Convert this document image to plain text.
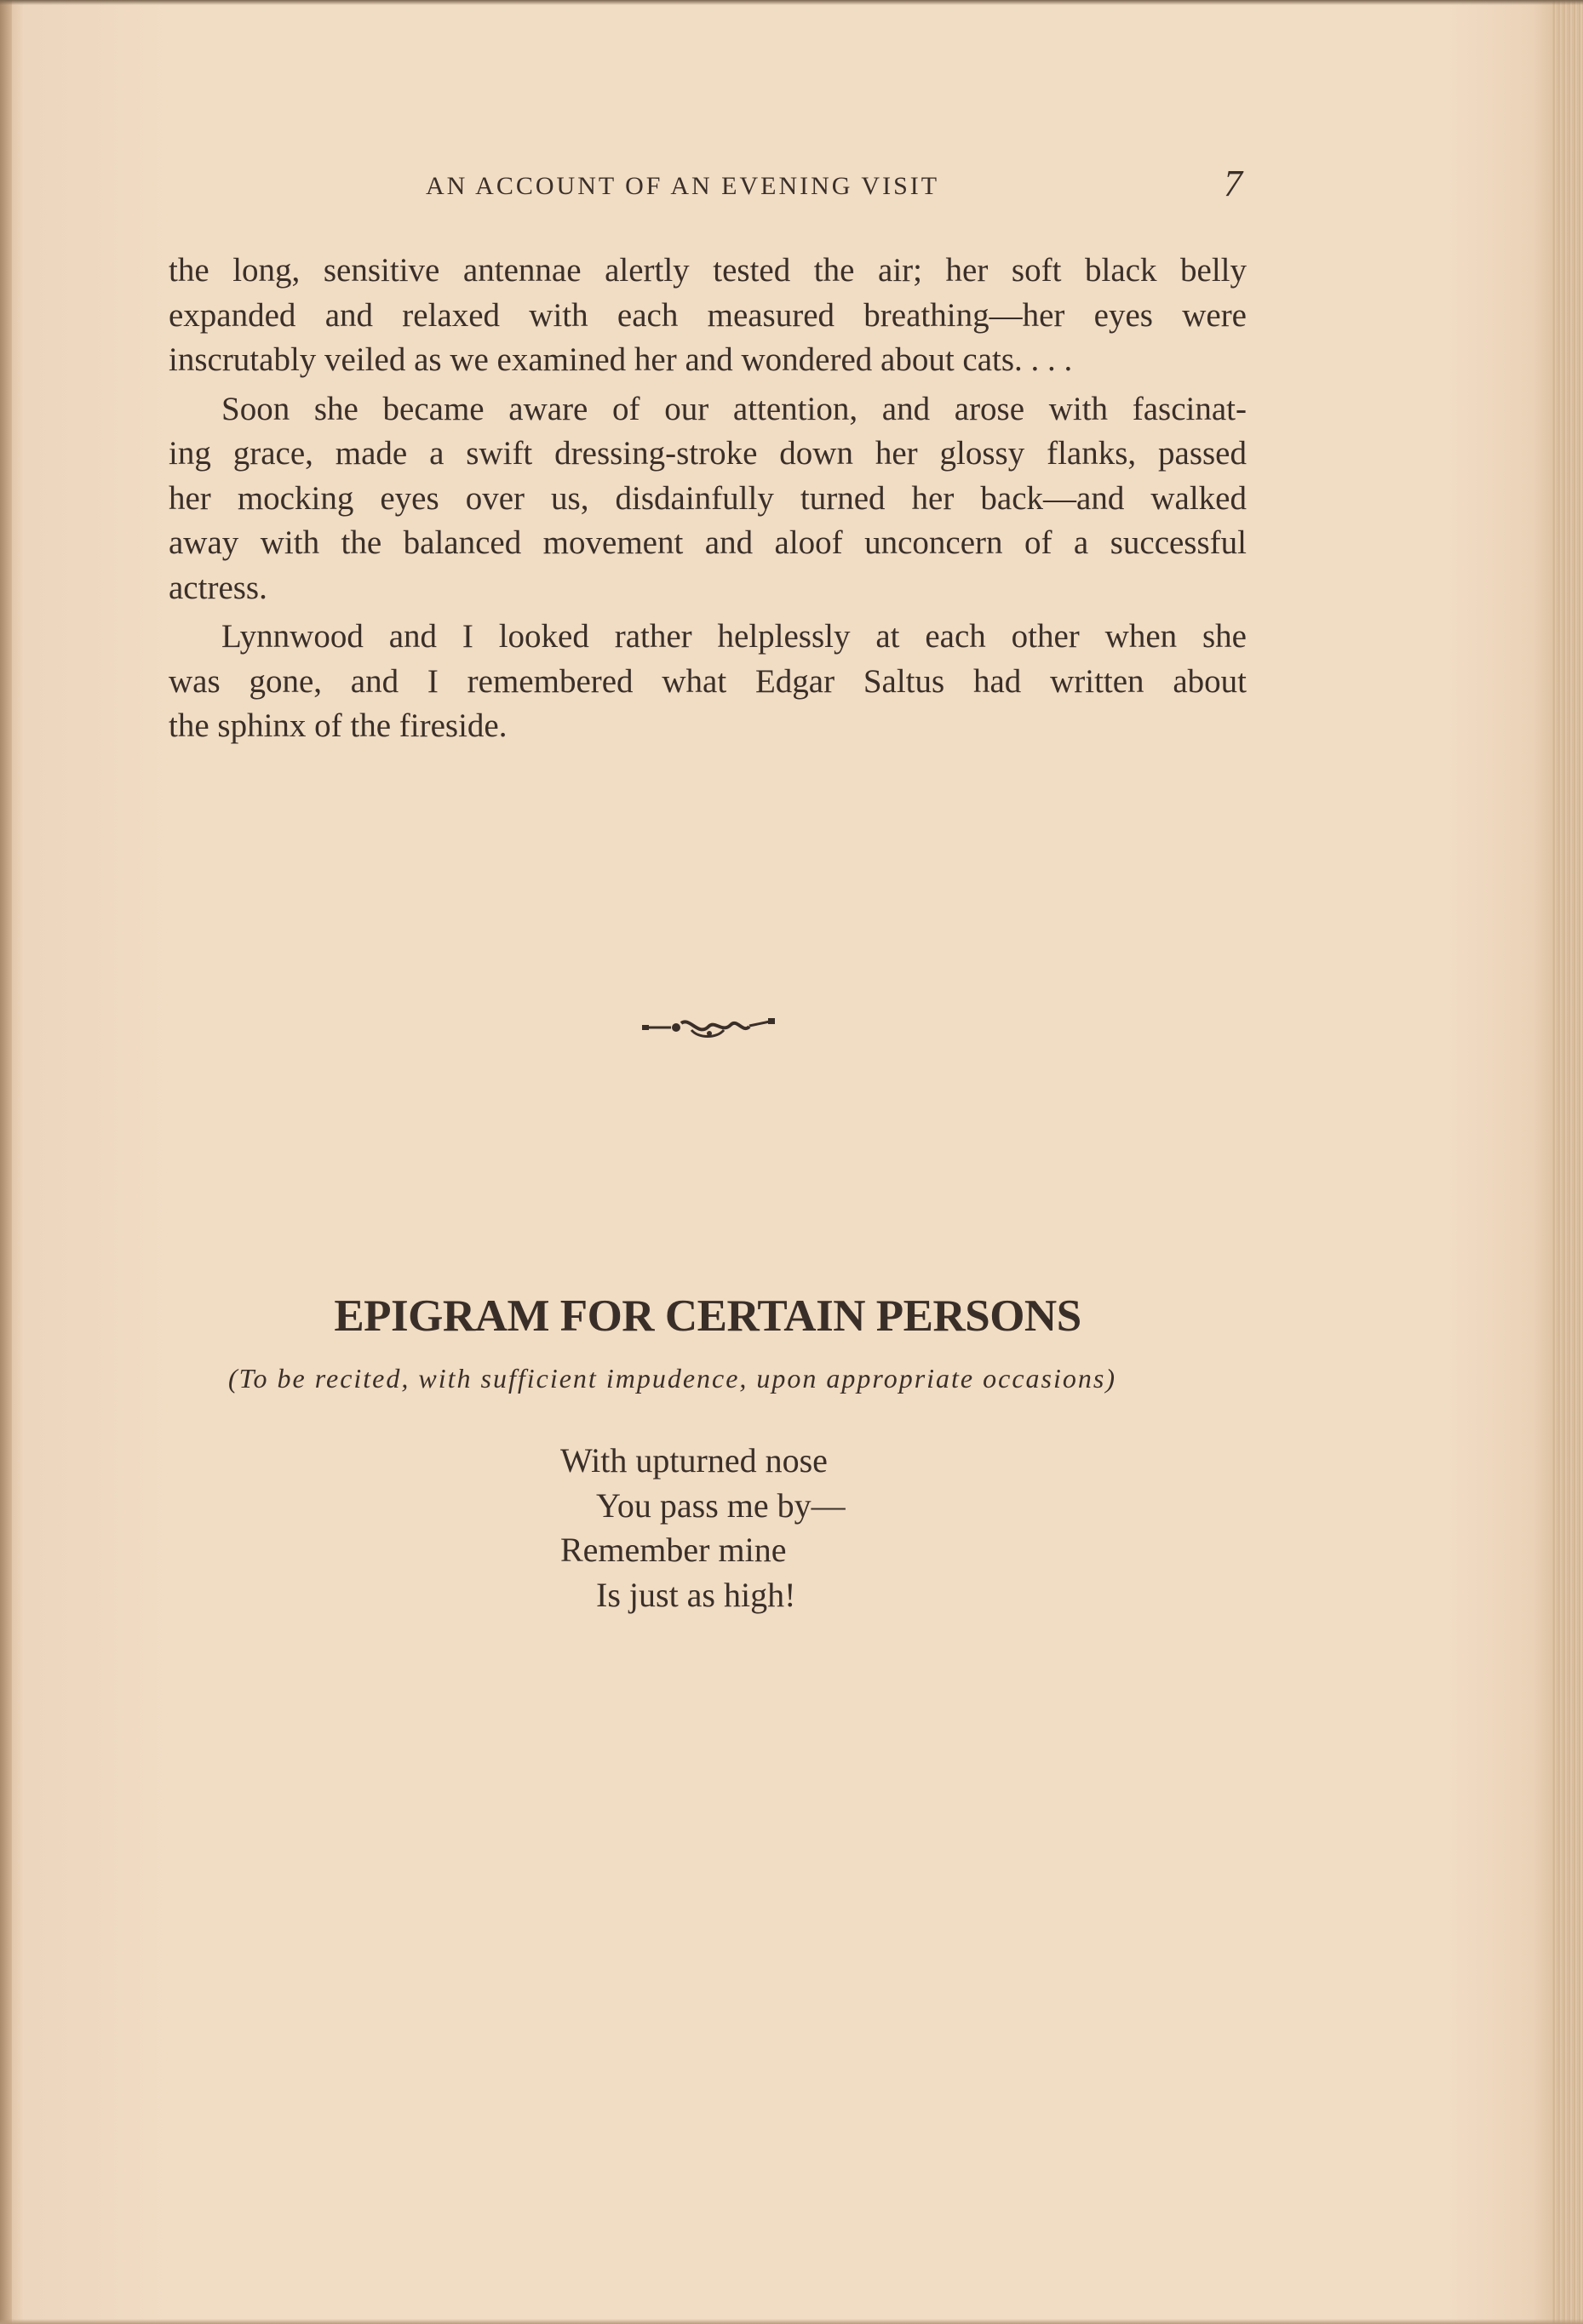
AN ACCOUNT OF AN EVENING VISIT	7
the long, sensitive antennae alertly tested the air; her soft black belly
expanded and relaxed with each measured breathing—her eyes were
inscrutably veiled as we examined her and wondered about cats. . . .
Soon she became aware of our attention, and arose with fascinat-
ing grace, made a swift dressing-stroke down her glossy flanks, passed
her mocking eyes over us, disdainfully turned her back—and walked
away with the balanced movement and aloof unconcern of a successful
actress.
Lynnwood and I looked rather helplessly at each other when she
was gone, and I remembered what Edgar Saltus had written about
the sphinx of the fireside.
EPIGRAM FOR CERTAIN PERSONS
(To be recited, with sufficient impudence, upon appropriate occasions)
With upturned nose
You pass me by—
Remember mine
Is just as high!
